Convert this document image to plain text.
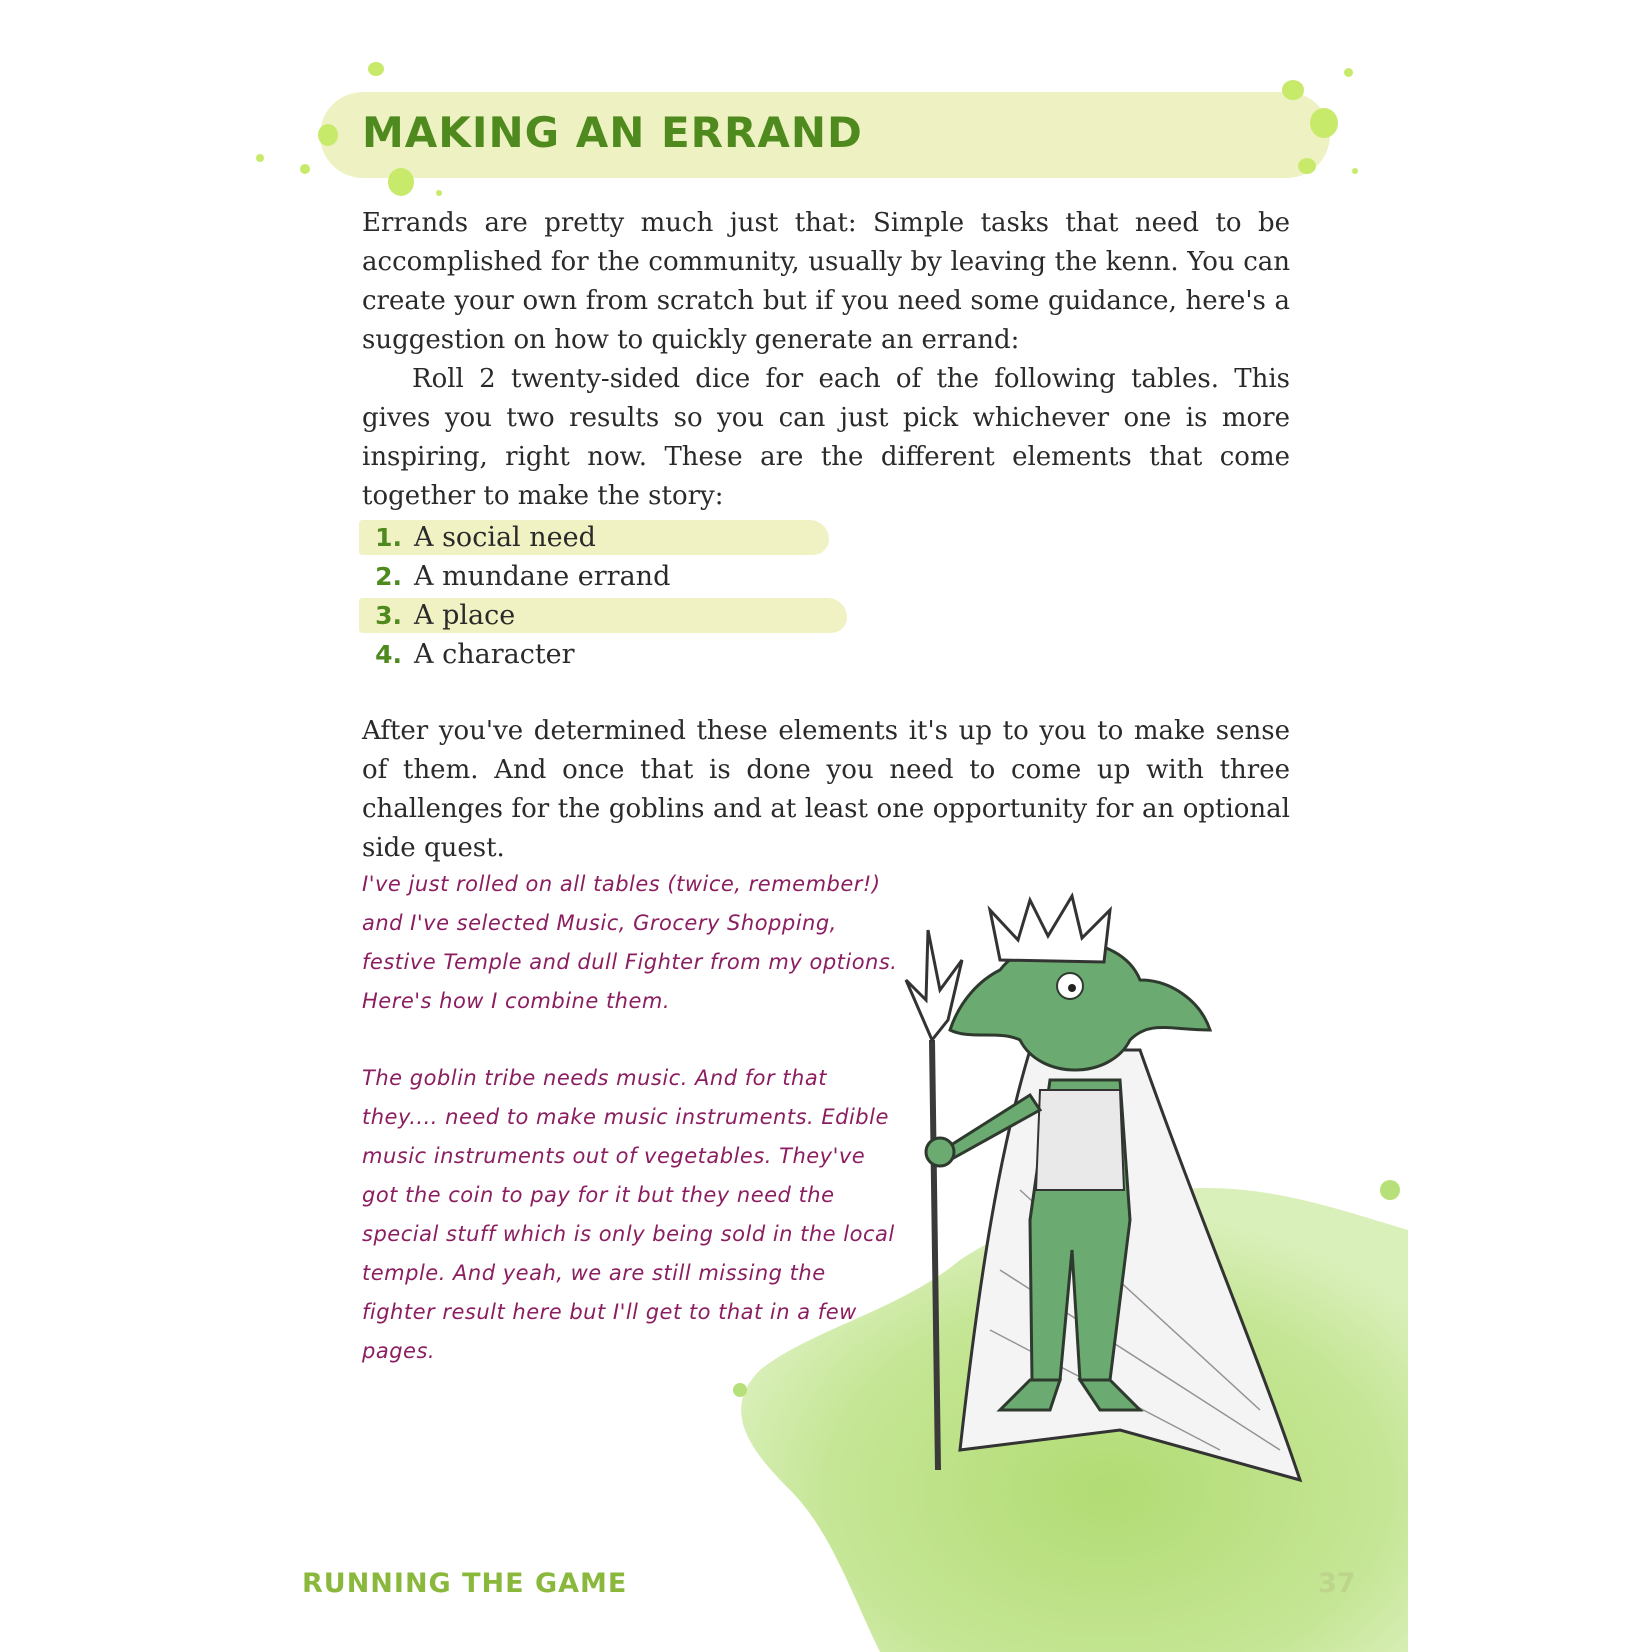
MAKING AN ERRAND

Errands are pretty much just that: Simple tasks that need to be accomplished for the community, usually by leaving the kenn. You can create your own from scratch but if you need some guidance, here's a suggestion on how to quickly generate an errand:

Roll 2 twenty-sided dice for each of the following tables. This gives you two results so you can just pick whichever one is more inspiring, right now. These are the different elements that come together to make the story:

1. A social need
2. A mundane errand
3. A place
4. A character

After you've determined these elements it's up to you to make sense of them. And once that is done you need to come up with three challenges for the goblins and at least one opportunity for an optional side quest.

I've just rolled on all tables (twice, remember!) and I've selected Music, Grocery Shopping, festive Temple and dull Fighter from my options. Here's how I combine them.

The goblin tribe needs music. And for that they.... need to make music instruments. Edible music instruments out of vegetables. They've got the coin to pay for it but they need the special stuff which is only being sold in the local temple. And yeah, we are still missing the fighter result here but I'll get to that in a few pages.

RUNNING THE GAME	37
